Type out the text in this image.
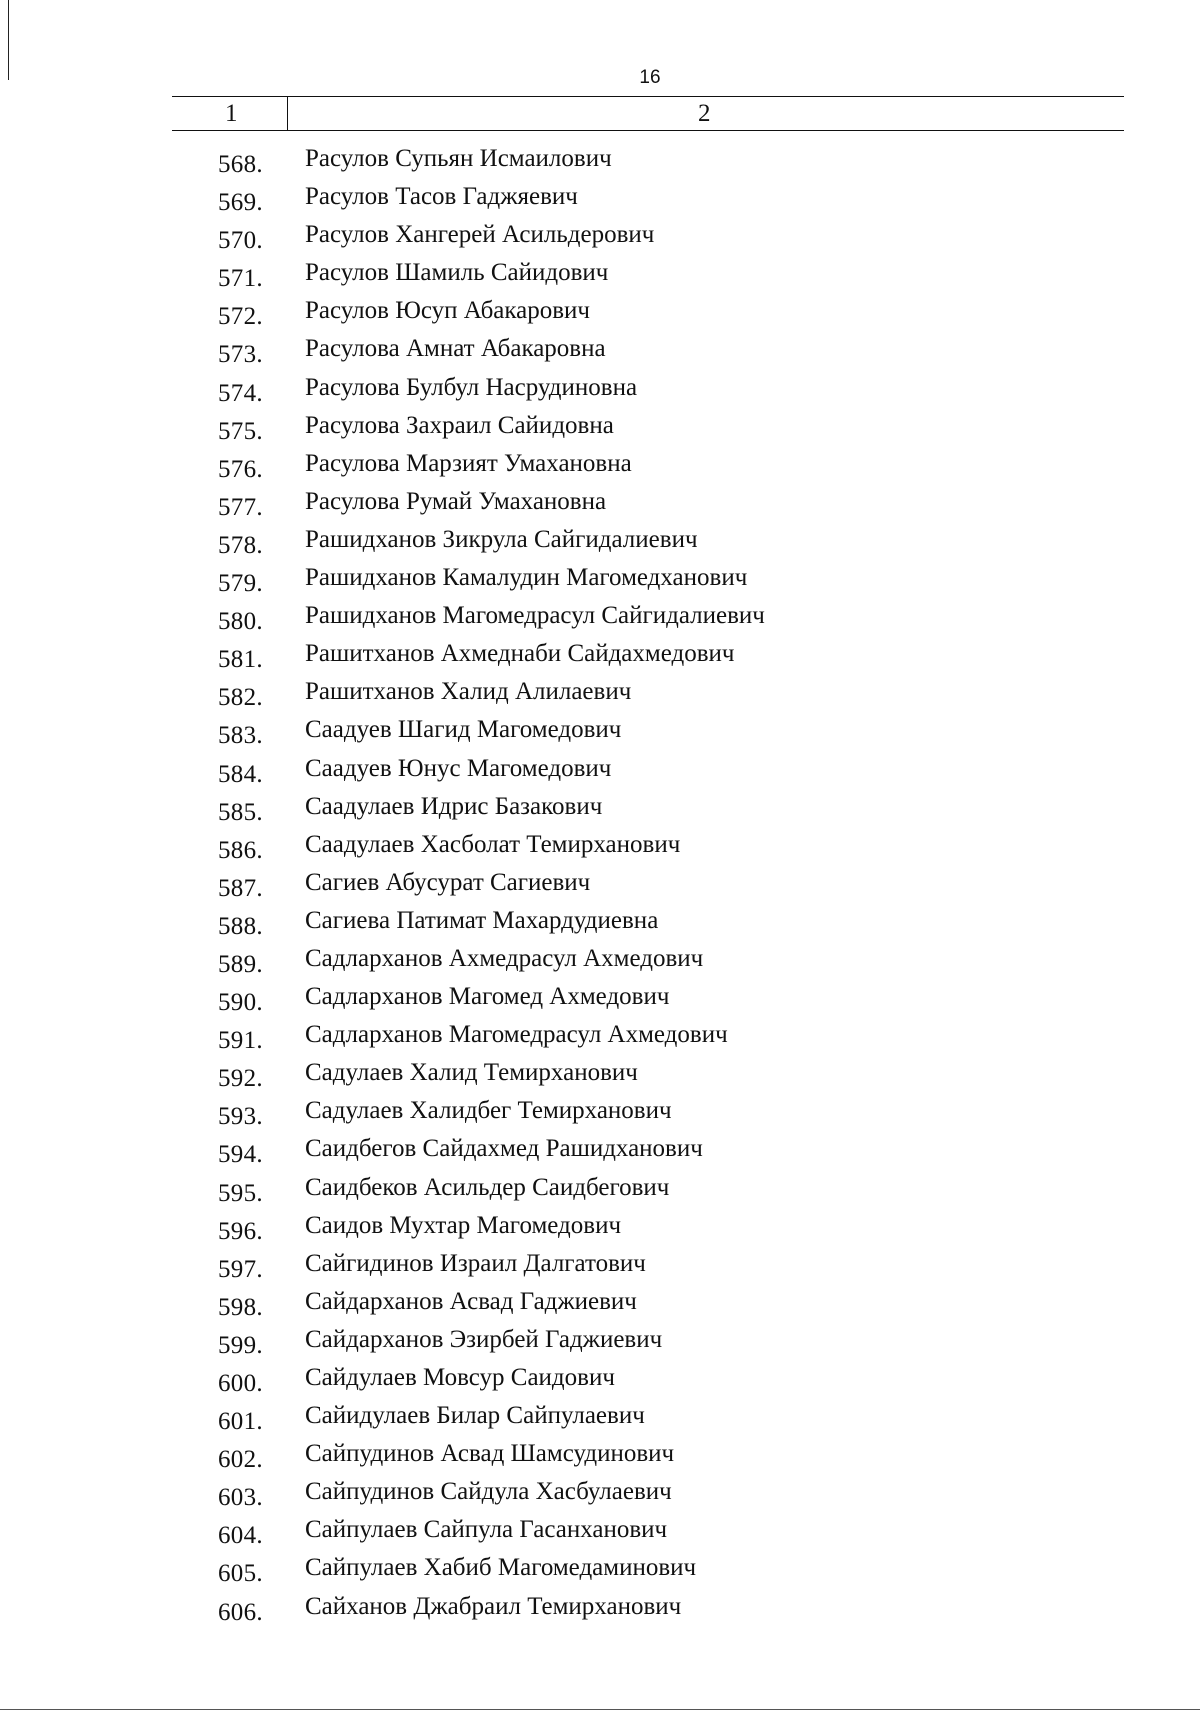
16
1	2
568.	Расулов Супьян Исмаилович
569.	Расулов Тасов Гаджяевич
570.	Расулов Хангерей Асильдерович
571.	Расулов Шамиль Сайидович
572.	Расулов Юсуп Абакарович
573.	Расулова Амнат Абакаровна
574.	Расулова Булбул Насрудиновна
575.	Расулова Захраил Сайидовна
576.	Расулова Марзият Умахановна
577.	Расулова Румай Умахановна
578.	Рашидханов Зикрула Сайгидалиевич
579.	Рашидханов Камалудин Магомедханович
580.	Рашидханов Магомедрасул Сайгидалиевич
581.	Рашитханов Ахмеднаби Сайдахмедович
582.	Рашитханов Халид Алилаевич
583.	Саадуев Шагид Магомедович
584.	Саадуев Юнус Магомедович
585.	Саадулаев Идрис Базакович
586.	Саадулаев Хасболат Темирханович
587.	Сагиев Абусурат Сагиевич
588.	Сагиева Патимат Махардудиевна
589.	Садларханов Ахмедрасул Ахмедович
590.	Садларханов Магомед Ахмедович
591.	Садларханов Магомедрасул Ахмедович
592.	Садулаев Халид Темирханович
593.	Садулаев Халидбег Темирханович
594.	Саидбегов Сайдахмед Рашидханович
595.	Саидбеков Асильдер Саидбегович
596.	Саидов Мухтар Магомедович
597.	Сайгидинов Израил Далгатович
598.	Сайдарханов Асвад Гаджиевич
599.	Сайдарханов Эзирбей Гаджиевич
600.	Сайдулаев Мовсур Саидович
601.	Сайидулаев Билар Сайпулаевич
602.	Сайпудинов Асвад Шамсудинович
603.	Сайпудинов Сайдула Хасбулаевич
604.	Сайпулаев Сайпула Гасанханович
605.	Сайпулаев Хабиб Магомедаминович
606.	Сайханов Джабраил Темирханович
